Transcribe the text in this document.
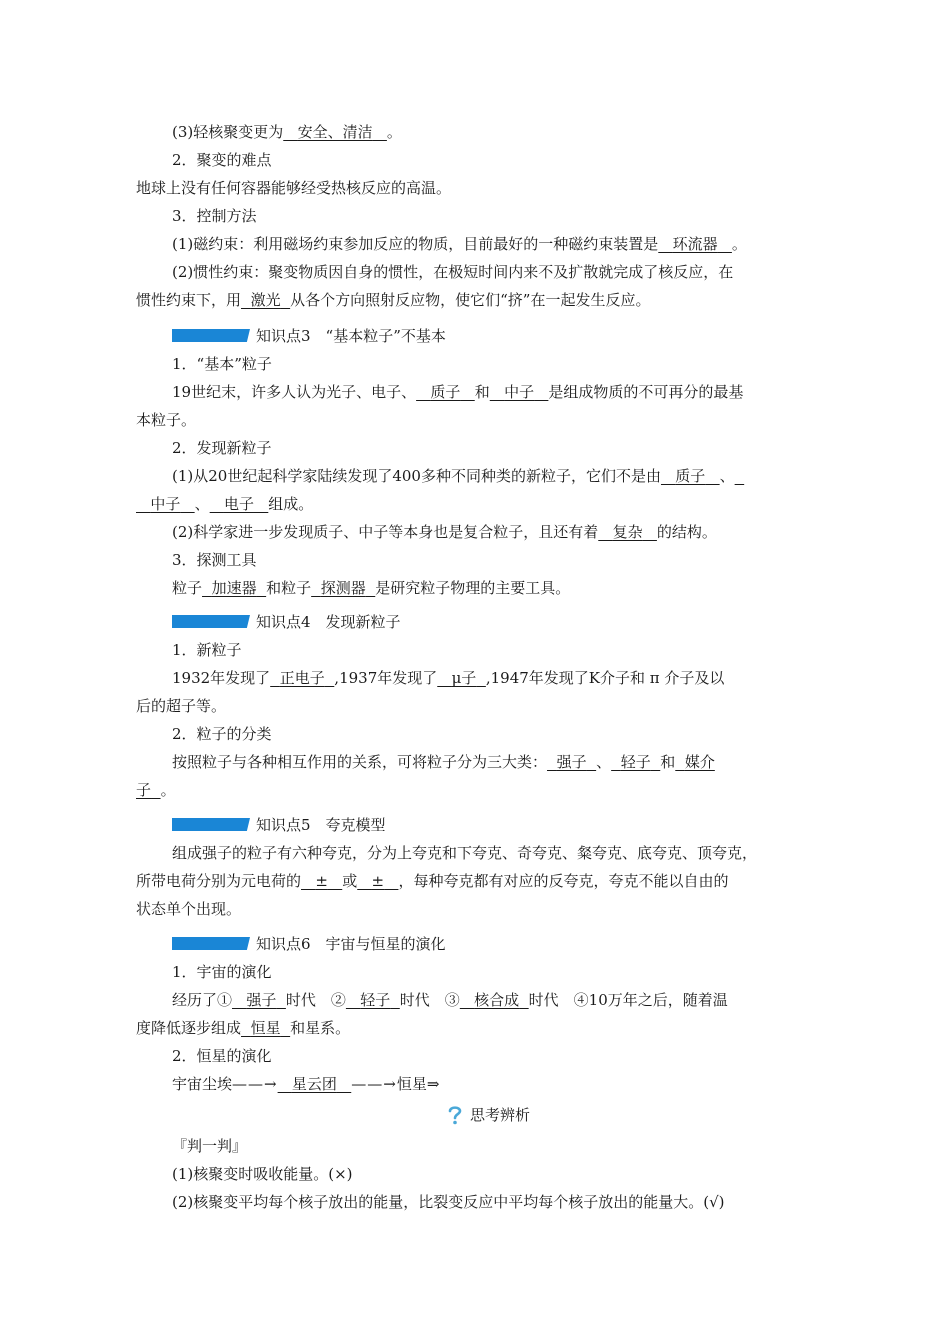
(3)轻核聚变更为 安全、清洁 。
2．聚变的难点
地球上没有任何容器能够经受热核反应的高温。
3．控制方法
(1)磁约束：利用磁场约束参加反应的物质，目前最好的一种磁约束装置是 环流器 。
(2)惯性约束：聚变物质因自身的惯性，在极短时间内来不及扩散就完成了核反应，在
惯性约束下，用 激光 从各个方向照射反应物，使它们“挤”在一起发生反应。
知识点3　“基本粒子”不基本
1．“基本”粒子
19世纪末，许多人认为光子、电子、 质子 和 中子 是组成物质的不可再分的最基
本粒子。
2．发现新粒子
(1)从20世纪起科学家陆续发现了400多种不同种类的新粒子，它们不是由 质子 、
中子 、 电子 组成。
(2)科学家进一步发现质子、中子等本身也是复合粒子，且还有着 复杂 的结构。
3．探测工具
粒子 加速器 和粒子 探测器 是研究粒子物理的主要工具。
知识点4　发现新粒子
1．新粒子
1932年发现了 正电子 ,1937年发现了 μ子 ,1947年发现了K介子和 π 介子及以
后的超子等。
2．粒子的分类
按照粒子与各种相互作用的关系，可将粒子分为三大类： 强子 、 轻子 和 媒介
子 。
知识点5　夸克模型
组成强子的粒子有六种夸克，分为上夸克和下夸克、奇夸克、粲夸克、底夸克、顶夸克，
所带电荷分别为元电荷的 ± 或 ± ，每种夸克都有对应的反夸克，夸克不能以自由的
状态单个出现。
知识点6　宇宙与恒星的演化
1．宇宙的演化
经历了① 强子 时代　② 轻子 时代　③ 核合成 时代　④10万年之后，随着温
度降低逐步组成 恒星 和星系。
2．恒星的演化
宇宙尘埃——→ 星云团 ——→恒星⇒
思考辨析
『判一判』
(1)核聚变时吸收能量。(×)
(2)核聚变平均每个核子放出的能量，比裂变反应中平均每个核子放出的能量大。(√)
